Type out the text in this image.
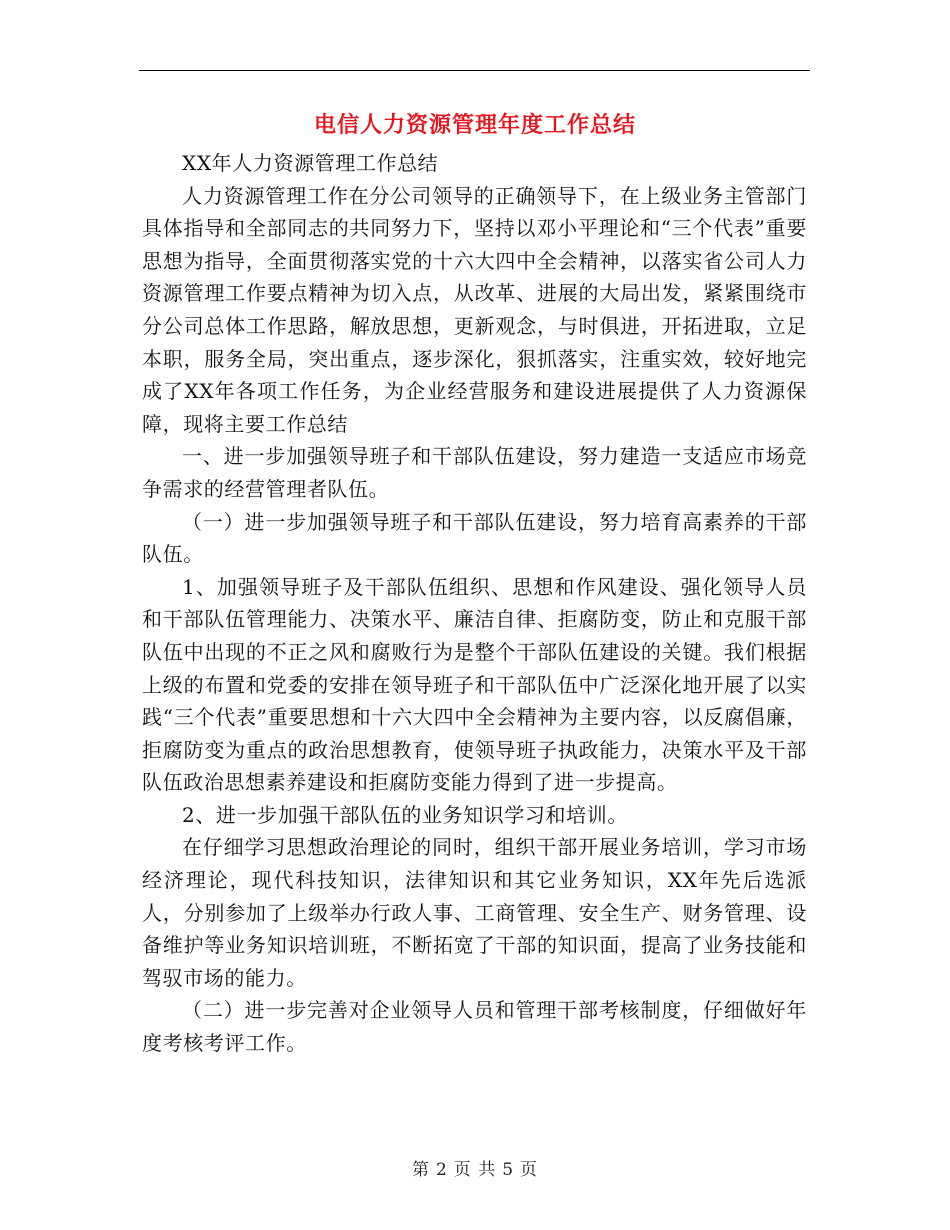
电信人力资源管理年度工作总结

XX年人力资源管理工作总结

人力资源管理工作在分公司领导的正确领导下，在上级业务主管部门具体指导和全部同志的共同努力下，坚持以邓小平理论和“三个代表”重要思想为指导，全面贯彻落实党的十六大四中全会精神，以落实省公司人力资源管理工作要点精神为切入点，从改革、进展的大局出发，紧紧围绕市分公司总体工作思路，解放思想，更新观念，与时俱进，开拓进取，立足本职，服务全局，突出重点，逐步深化，狠抓落实，注重实效，较好地完成了XX年各项工作任务，为企业经营服务和建设进展提供了人力资源保障，现将主要工作总结

一、进一步加强领导班子和干部队伍建设，努力建造一支适应市场竞争需求的经营管理者队伍。

（一）进一步加强领导班子和干部队伍建设，努力培育高素养的干部队伍。

1、加强领导班子及干部队伍组织、思想和作风建设、强化领导人员和干部队伍管理能力、决策水平、廉洁自律、拒腐防变，防止和克服干部队伍中出现的不正之风和腐败行为是整个干部队伍建设的关键。我们根据上级的布置和党委的安排在领导班子和干部队伍中广泛深化地开展了以实践“三个代表”重要思想和十六大四中全会精神为主要内容，以反腐倡廉，拒腐防变为重点的政治思想教育，使领导班子执政能力，决策水平及干部队伍政治思想素养建设和拒腐防变能力得到了进一步提高。

2、进一步加强干部队伍的业务知识学习和培训。

在仔细学习思想政治理论的同时，组织干部开展业务培训，学习市场经济理论，现代科技知识，法律知识和其它业务知识，XX年先后选派人，分别参加了上级举办行政人事、工商管理、安全生产、财务管理、设备维护等业务知识培训班，不断拓宽了干部的知识面，提高了业务技能和驾驭市场的能力。

（二）进一步完善对企业领导人员和管理干部考核制度，仔细做好年度考核考评工作。

第 2 页 共 5 页
